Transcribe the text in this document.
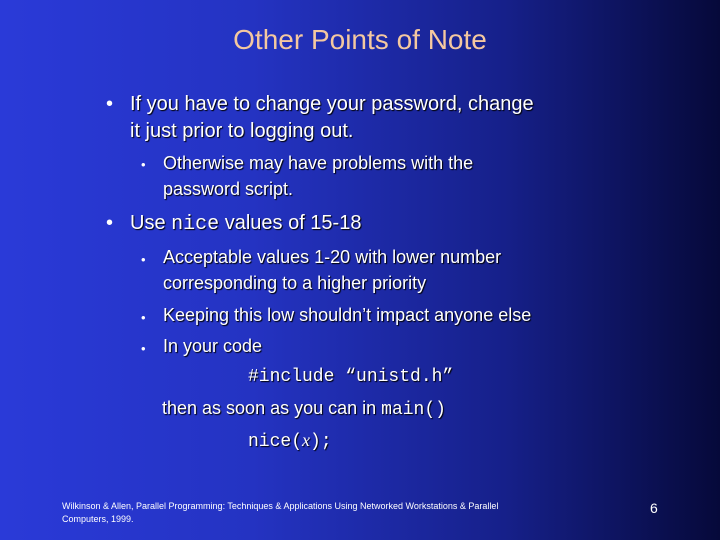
Other Points of Note
• If you have to change your password, change
it just prior to logging out.
• Otherwise may have problems with the
password script.
• Use nice values of 15-18
• Acceptable values 1-20 with lower number
corresponding to a higher priority
• Keeping this low shouldn’t impact anyone else
• In your code
#include “unistd.h”
then as soon as you can in main()
nice(x);
Wilkinson & Allen, Parallel Programming: Techniques & Applications Using Networked Workstations & Parallel
Computers, 1999.
6
